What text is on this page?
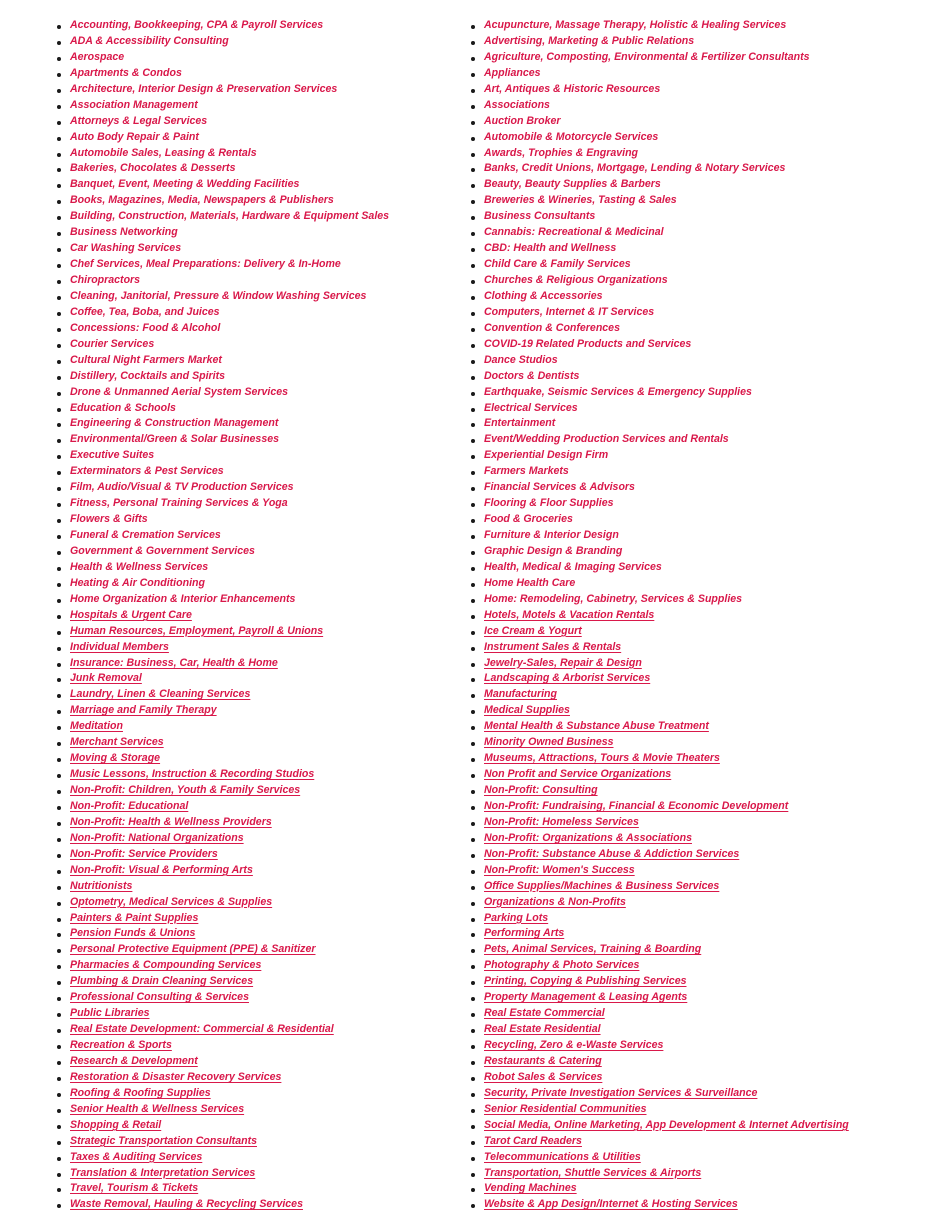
Accounting, Bookkeeping, CPA & Payroll Services
ADA & Accessibility Consulting
Aerospace
Apartments & Condos
Architecture, Interior Design & Preservation Services
Association Management
Attorneys & Legal Services
Auto Body Repair & Paint
Automobile Sales, Leasing & Rentals
Bakeries, Chocolates & Desserts
Banquet, Event, Meeting & Wedding Facilities
Books, Magazines, Media, Newspapers & Publishers
Building, Construction, Materials, Hardware & Equipment Sales
Business Networking
Car Washing Services
Chef Services, Meal Preparations: Delivery & In-Home
Chiropractors
Cleaning, Janitorial, Pressure & Window Washing Services
Coffee, Tea, Boba, and Juices
Concessions: Food & Alcohol
Courier Services
Cultural Night Farmers Market
Distillery, Cocktails and Spirits
Drone & Unmanned Aerial System Services
Education & Schools
Engineering & Construction Management
Environmental/Green & Solar Businesses
Executive Suites
Exterminators & Pest Services
Film, Audio/Visual & TV Production Services
Fitness, Personal Training Services & Yoga
Flowers & Gifts
Funeral & Cremation Services
Government & Government Services
Health & Wellness Services
Heating & Air Conditioning
Home Organization & Interior Enhancements
Hospitals & Urgent Care
Human Resources, Employment, Payroll & Unions
Individual Members
Insurance: Business, Car, Health & Home
Junk Removal
Laundry, Linen & Cleaning Services
Marriage and Family Therapy
Meditation
Merchant Services
Moving & Storage
Music Lessons, Instruction & Recording Studios
Non-Profit: Children, Youth & Family Services
Non-Profit: Educational
Non-Profit: Health & Wellness Providers
Non-Profit: National Organizations
Non-Profit: Service Providers
Non-Profit: Visual & Performing Arts
Nutritionists
Optometry, Medical Services & Supplies
Painters & Paint Supplies
Pension Funds & Unions
Personal Protective Equipment (PPE) & Sanitizer
Pharmacies & Compounding Services
Plumbing & Drain Cleaning Services
Professional Consulting & Services
Public Libraries
Real Estate Development: Commercial & Residential
Recreation & Sports
Research & Development
Restoration & Disaster Recovery Services
Roofing & Roofing Supplies
Senior Health & Wellness Services
Shopping & Retail
Strategic Transportation Consultants
Taxes & Auditing Services
Translation & Interpretation Services
Travel, Tourism & Tickets
Waste Removal, Hauling & Recycling Services
Acupuncture, Massage Therapy, Holistic & Healing Services
Advertising, Marketing & Public Relations
Agriculture, Composting, Environmental & Fertilizer Consultants
Appliances
Art, Antiques & Historic Resources
Associations
Auction Broker
Automobile & Motorcycle Services
Awards, Trophies & Engraving
Banks, Credit Unions, Mortgage, Lending & Notary Services
Beauty, Beauty Supplies & Barbers
Breweries & Wineries, Tasting & Sales
Business Consultants
Cannabis: Recreational & Medicinal
CBD: Health and Wellness
Child Care & Family Services
Churches & Religious Organizations
Clothing & Accessories
Computers, Internet & IT Services
Convention & Conferences
COVID-19 Related Products and Services
Dance Studios
Doctors & Dentists
Earthquake, Seismic Services & Emergency Supplies
Electrical Services
Entertainment
Event/Wedding Production Services and Rentals
Experiential Design Firm
Farmers Markets
Financial Services & Advisors
Flooring & Floor Supplies
Food & Groceries
Furniture & Interior Design
Graphic Design & Branding
Health, Medical & Imaging Services
Home Health Care
Home: Remodeling, Cabinetry, Services & Supplies
Hotels, Motels & Vacation Rentals
Ice Cream & Yogurt
Instrument Sales & Rentals
Jewelry-Sales, Repair & Design
Landscaping & Arborist Services
Manufacturing
Medical Supplies
Mental Health & Substance Abuse Treatment
Minority Owned Business
Museums, Attractions, Tours & Movie Theaters
Non Profit and Service Organizations
Non-Profit: Consulting
Non-Profit: Fundraising, Financial & Economic Development
Non-Profit: Homeless Services
Non-Profit: Organizations & Associations
Non-Profit: Substance Abuse & Addiction Services
Non-Profit: Women's Success
Office Supplies/Machines & Business Services
Organizations & Non-Profits
Parking Lots
Performing Arts
Pets, Animal Services, Training & Boarding
Photography & Photo Services
Printing, Copying & Publishing Services
Property Management & Leasing Agents
Real Estate Commercial
Real Estate Residential
Recycling, Zero & e-Waste Services
Restaurants & Catering
Robot Sales & Services
Security, Private Investigation Services & Surveillance
Senior Residential Communities
Social Media, Online Marketing, App Development & Internet Advertising
Tarot Card Readers
Telecommunications & Utilities
Transportation, Shuttle Services & Airports
Vending Machines
Website & App Design/Internet & Hosting Services
